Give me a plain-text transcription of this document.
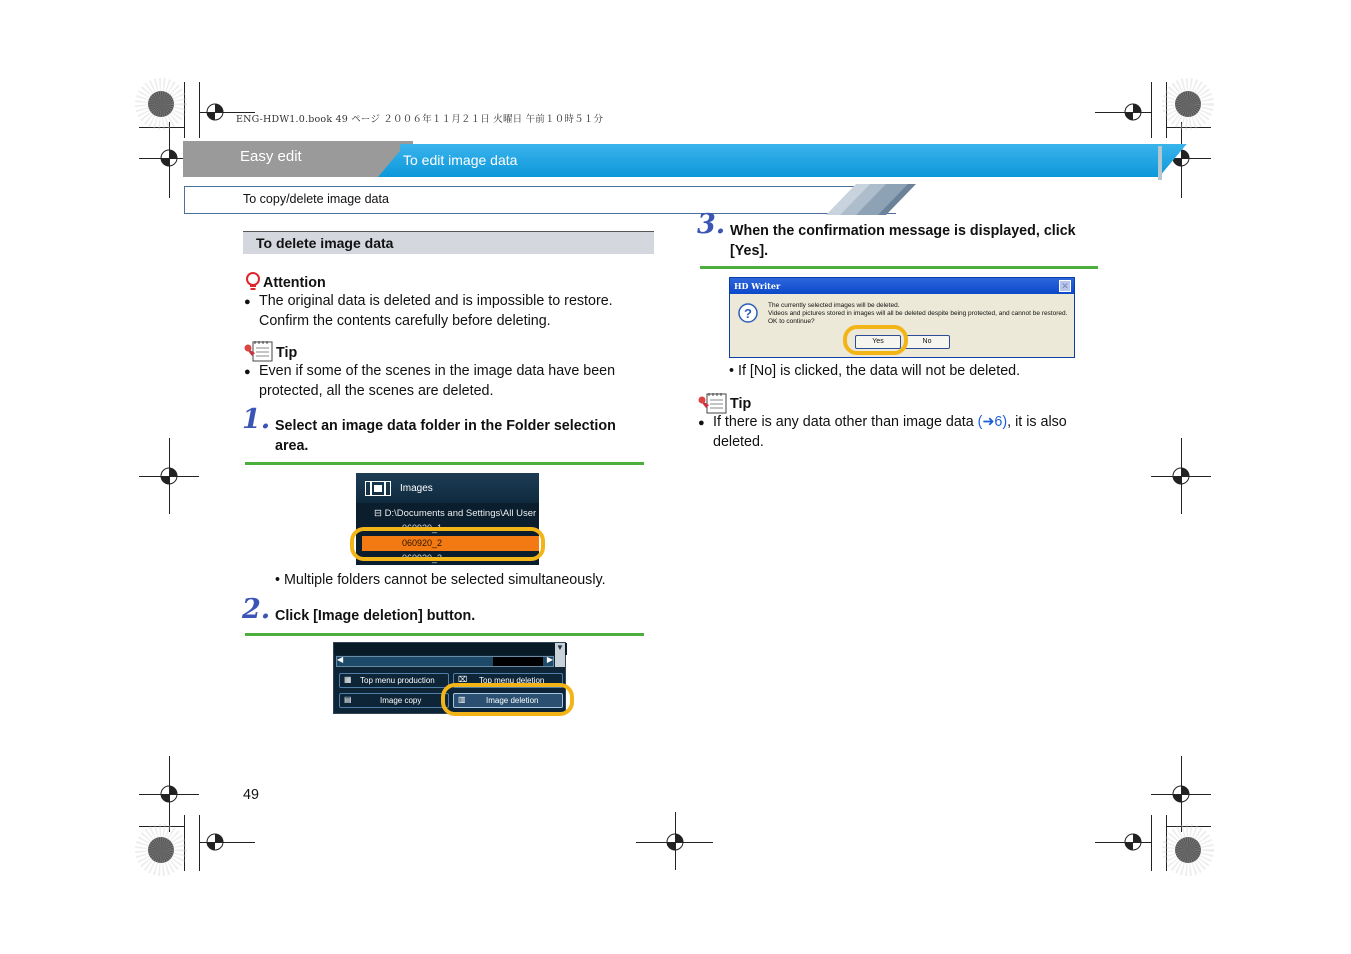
ENG-HDW1.0.book 49 ページ ２００６年１１月２１日 火曜日 午前１０時５１分
Easy edit	To edit image data
To copy/delete image data
To delete image data
Attention
● The original data is deleted and is impossible to restore.
Confirm the contents carefully before deleting.
Tip
● Even if some of the scenes in the image data have been
protected, all the scenes are deleted.
1. Select an image data folder in the Folder selection
area.
Images
⊟ D:\Documents and Settings\All User
060920_1
060920_2
060920_3
• Multiple folders cannot be selected simultaneously.
2. Click [Image deletion] button.
▼
◀	▶
▦ Top menu production	⌧ Top menu deletion
▤	Image copy	▥	Image deletion
3. When the confirmation message is displayed, click
[Yes].
HD Writer	✕
?
The currently selected images will be deleted.
Videos and pictures stored in images will all be deleted despite being protected, and cannot be restored.
OK to continue?
Yes	No
• If [No] is clicked, the data will not be deleted.
Tip
● If there is any data other than image data (➜6), it is also
deleted.
49
